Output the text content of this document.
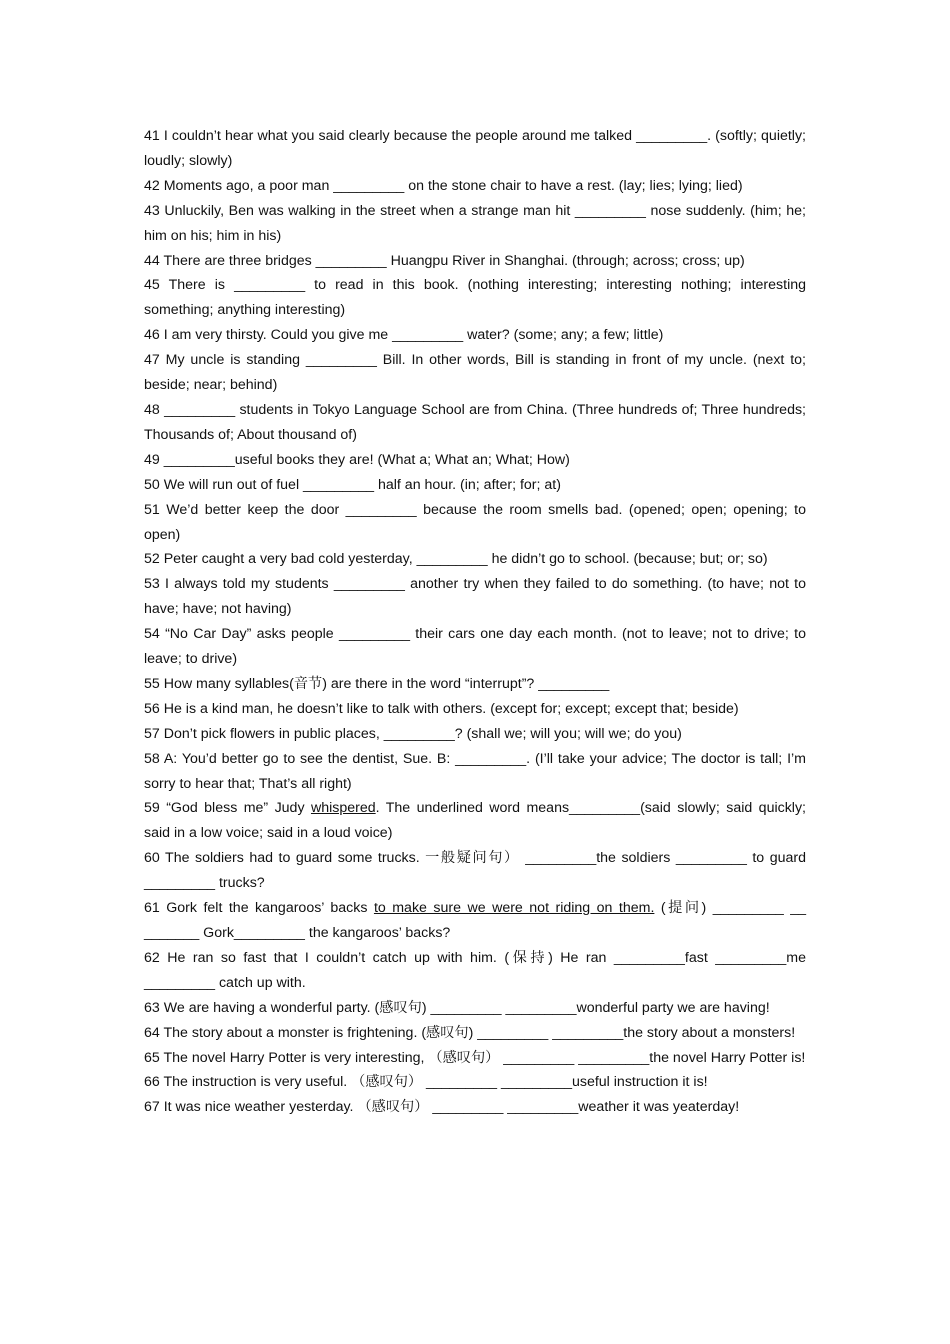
41 I couldn’t hear what you said clearly because the people around me talked _________. (softly; quietly; loudly; slowly)

42 Moments ago, a poor man _________ on the stone chair to have a rest. (lay; lies; lying; lied)

43 Unluckily, Ben was walking in the street when a strange man hit _________ nose suddenly. (him; he; him on his; him in his)

44 There are three bridges _________ Huangpu River in Shanghai. (through; across; cross; up)

45 There is _________ to read in this book. (nothing interesting; interesting nothing; interesting something; anything interesting)

46 I am very thirsty. Could you give me _________ water? (some; any; a few; little)

47 My uncle is standing _________ Bill. In other words, Bill is standing in front of my uncle. (next to; beside; near; behind)

48 _________ students in Tokyo Language School are from China. (Three hundreds of; Three hundreds; Thousands of; About thousand of)

49 _________useful books they are! (What a; What an; What; How)

50 We will run out of fuel _________ half an hour. (in; after; for; at)

51 We’d better keep the door _________ because the room smells bad. (opened; open; opening; to open)

52 Peter caught a very bad cold yesterday, _________ he didn’t go to school. (because; but; or; so)

53 I always told my students _________ another try when they failed to do something. (to have; not to have; have; not having)

54 “No Car Day” asks people _________ their cars one day each month. (not to leave; not to drive; to leave; to drive)

55 How many syllables(音节) are there in the word “interrupt”? _________

56 He is a kind man, he doesn’t like to talk with others. (except for; except; except that; beside)

57 Don’t pick flowers in public places, _________? (shall we; will you; will we; do you)

58 A: You’d better go to see the dentist, Sue. B: _________. (I’ll take your advice; The doctor is tall; I’m sorry to hear that; That’s all right)

59 “God bless me” Judy whispered. The underlined word means_________(said slowly; said quickly; said in a low voice; said in a loud voice)

60 The soldiers had to guard some trucks. 一般疑问句） _________the soldiers _________ to guard _________ trucks?

61 Gork felt the kangaroos’ backs to make sure we were not riding on them. (提问) _________ __ _______ Gork_________ the kangaroos’ backs?

62 He ran so fast that I couldn’t catch up with him. (保持) He ran _________fast _________me _________ catch up with.

63 We are having a wonderful party. (感叹句) _________ _________wonderful party we are having!

64 The story about a monster is frightening. (感叹句) _________ _________the story about a monsters!

65 The novel Harry Potter is very interesting, （感叹句） _________ _________the novel Harry Potter is!

66 The instruction is very useful. （感叹句） _________ _________useful instruction it is!

67 It was nice weather yesterday. （感叹句） _________ _________weather it was yeaterday!
